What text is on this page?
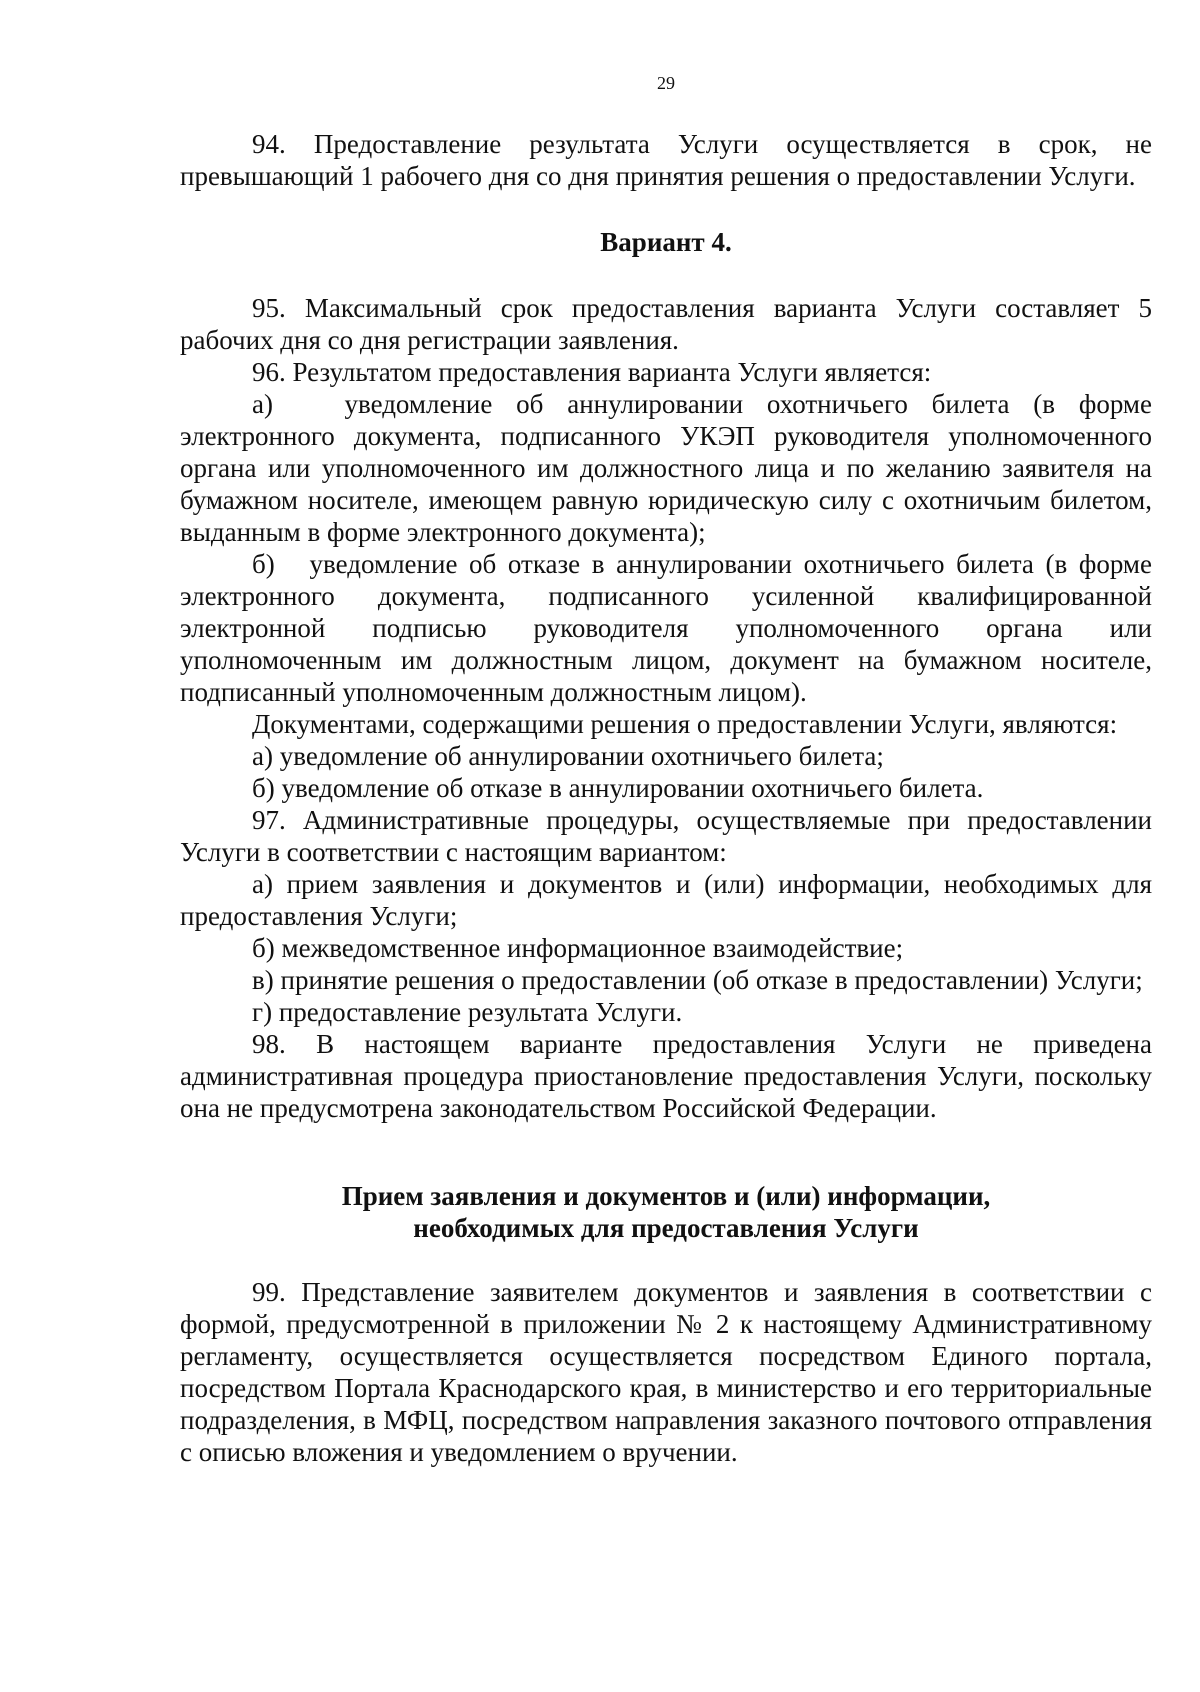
29

94. Предоставление результата Услуги осуществляется в срок, не превышающий 1 рабочего дня со дня принятия решения о предоставлении Услуги.

Вариант 4.

95. Максимальный срок предоставления варианта Услуги составляет 5 рабочих дня со дня регистрации заявления.

96. Результатом предоставления варианта Услуги является:

а)   уведомление об аннулировании охотничьего билета (в форме электронного документа, подписанного УКЭП руководителя уполномоченного органа или уполномоченного им должностного лица и по желанию заявителя на бумажном носителе, имеющем равную юридическую силу с охотничьим билетом, выданным в форме электронного документа);

б)   уведомление об отказе в аннулировании охотничьего билета (в форме электронного документа, подписанного усиленной квалифицированной электронной подписью руководителя уполномоченного органа или уполномоченным им должностным лицом, документ на бумажном носителе, подписанный уполномоченным должностным лицом).

Документами, содержащими решения о предоставлении Услуги, являются:

а) уведомление об аннулировании охотничьего билета;

б) уведомление об отказе в аннулировании охотничьего билета.

97. Административные процедуры, осуществляемые при предоставлении Услуги в соответствии с настоящим вариантом:

а) прием заявления и документов и (или) информации, необходимых для предоставления Услуги;

б) межведомственное информационное взаимодействие;

в) принятие решения о предоставлении (об отказе в предоставлении) Услуги;

г) предоставление результата Услуги.

98. В настоящем варианте предоставления Услуги не приведена административная процедура приостановление предоставления Услуги, поскольку она не предусмотрена законодательством Российской Федерации.

Прием заявления и документов и (или) информации,
необходимых для предоставления Услуги

99. Представление заявителем документов и заявления в соответствии с формой, предусмотренной в приложении № 2 к настоящему Административному регламенту, осуществляется осуществляется посредством Единого портала, посредством Портала Краснодарского края, в министерство и его территориальные подразделения, в МФЦ, посредством направления заказного почтового отправления с описью вложения и уведомлением о вручении.
